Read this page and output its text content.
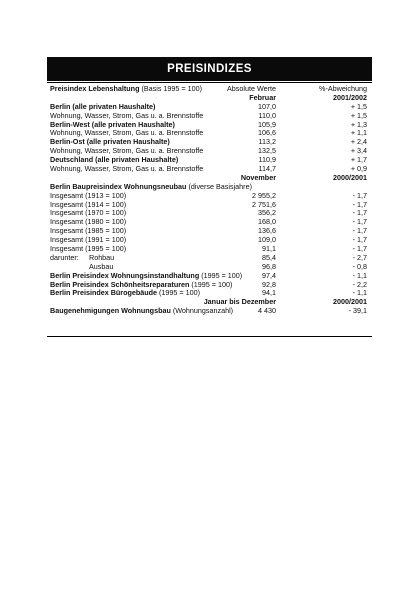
PREISINDIZES
Preisindex Lebenshaltung (Basis 1995 = 100)	Absolute Werte	%-Abweichung
Februar	2001/2002
Berlin (alle privaten Haushalte)	107,0	+ 1,5
Wohnung, Wasser, Strom, Gas u. a. Brennstoffe	110,0	+ 1,5
Berlin-West (alle privaten Haushalte)	105,9	+ 1,3
Wohnung, Wasser, Strom, Gas u. a. Brennstoffe	106,6	+ 1,1
Berlin-Ost (alle privaten Haushalte)	113,2	+ 2,4
Wohnung, Wasser, Strom, Gas u. a. Brennstoffe	132,5	+ 3,4
Deutschland (alle privaten Haushalte)	110,9	+ 1,7
Wohnung, Wasser, Strom, Gas u. a. Brennstoffe	114,7	+ 0,9
November	2000/2001
Berlin Baupreisindex Wohnungsneubau (diverse Basisjahre)
Insgesamt (1913 = 100)	2 955,2	- 1,7
Insgesamt (1914 = 100)	2 751,6	- 1,7
Insgesamt (1970 = 100)	356,2	- 1,7
Insgesamt (1980 = 100)	168,0	- 1,7
Insgesamt (1985 = 100)	136,6	- 1,7
Insgesamt (1991 = 100)	109,0	- 1,7
Insgesamt (1995 = 100)	91,1	- 1,7
darunter: Rohbau	85,4	- 2,7
Ausbau	96,8	- 0,8
Berlin Preisindex Wohnungsinstandhaltung (1995 = 100)	97,4	- 1,1
Berlin Preisindex Schönheitsreparaturen (1995 = 100)	92,8	- 2,2
Berlin Preisindex Bürogebäude (1995 = 100)	94,1	- 1,1
Januar bis Dezember	2000/2001
Baugenehmigungen Wohnungsbau (Wohnungsanzahl)	4 430	- 39,1
